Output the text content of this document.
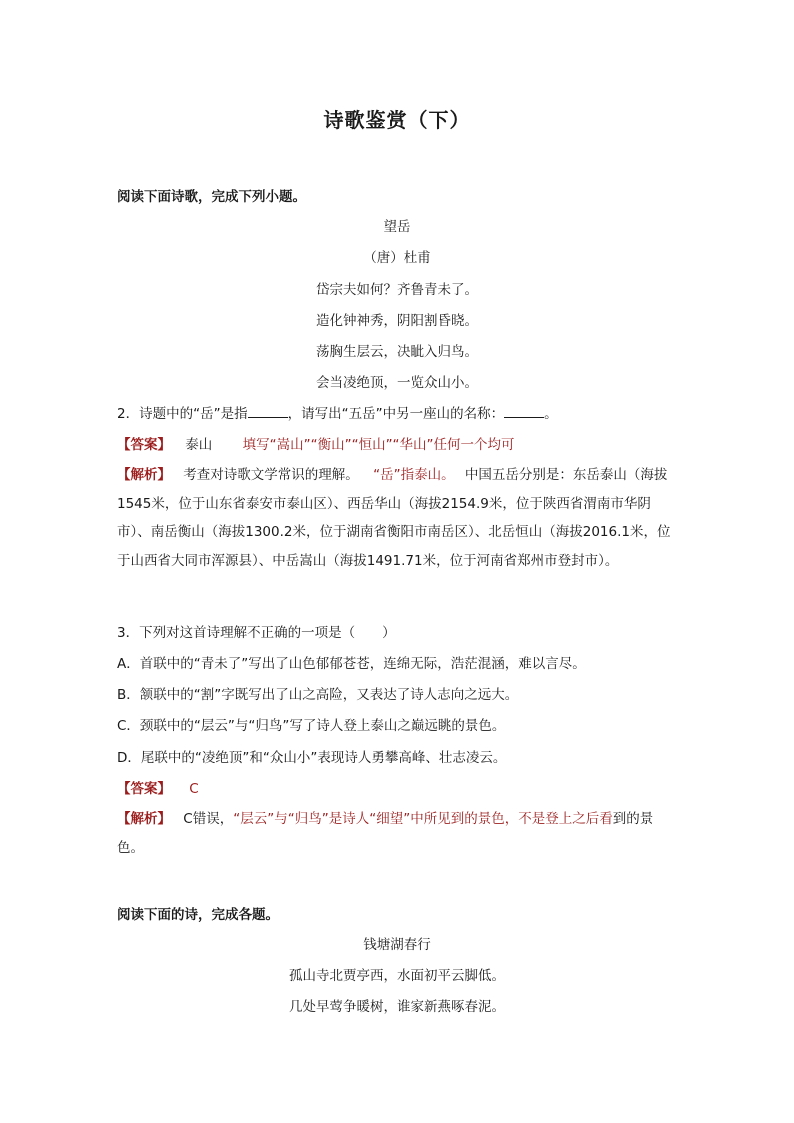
诗歌鉴赏（下）
阅读下面诗歌，完成下列小题。
望岳
（唐）杜甫
岱宗夫如何？齐鲁青未了。
造化钟神秀，阴阳割昏晓。
荡胸生层云，决眦入归鸟。
会当凌绝顶，一览众山小。
2．诗题中的“岳”是指	，请写出“五岳”中另一座山的名称：	。
【答案】 泰山 填写“嵩山”“衡山”“恒山”“华山”任何一个均可
【解析】 考查对诗歌文学常识的理解。 “岳”指泰山。 中国五岳分别是：东岳泰山（海拔1545米，位于山东省泰安市泰山区）、西岳华山（海拔2154.9米，位于陕西省渭南市华阴市）、南岳衡山（海拔1300.2米，位于湖南省衡阳市南岳区）、北岳恒山（海拔2016.1米，位于山西省大同市浑源县）、中岳嵩山（海拔1491.71米，位于河南省郑州市登封市）。
3．下列对这首诗理解不正确的一项是（　　）
A．首联中的“青未了”写出了山色郁郁苍苍，连绵无际，浩茫混涵，难以言尽。
B．颔联中的“割”字既写出了山之高险，又表达了诗人志向之远大。
C．颈联中的“层云”与“归鸟”写了诗人登上泰山之巅远眺的景色。
D．尾联中的“凌绝顶”和“众山小”表现诗人勇攀高峰、壮志凌云。
【答案】 C
【解析】 C错误，“层云”与“归鸟”是诗人“细望”中所见到的景色，不是登上之后看到的景色。
阅读下面的诗，完成各题。
钱塘湖春行
孤山寺北贾亭西，水面初平云脚低。
几处早莺争暖树，谁家新燕啄春泥。
